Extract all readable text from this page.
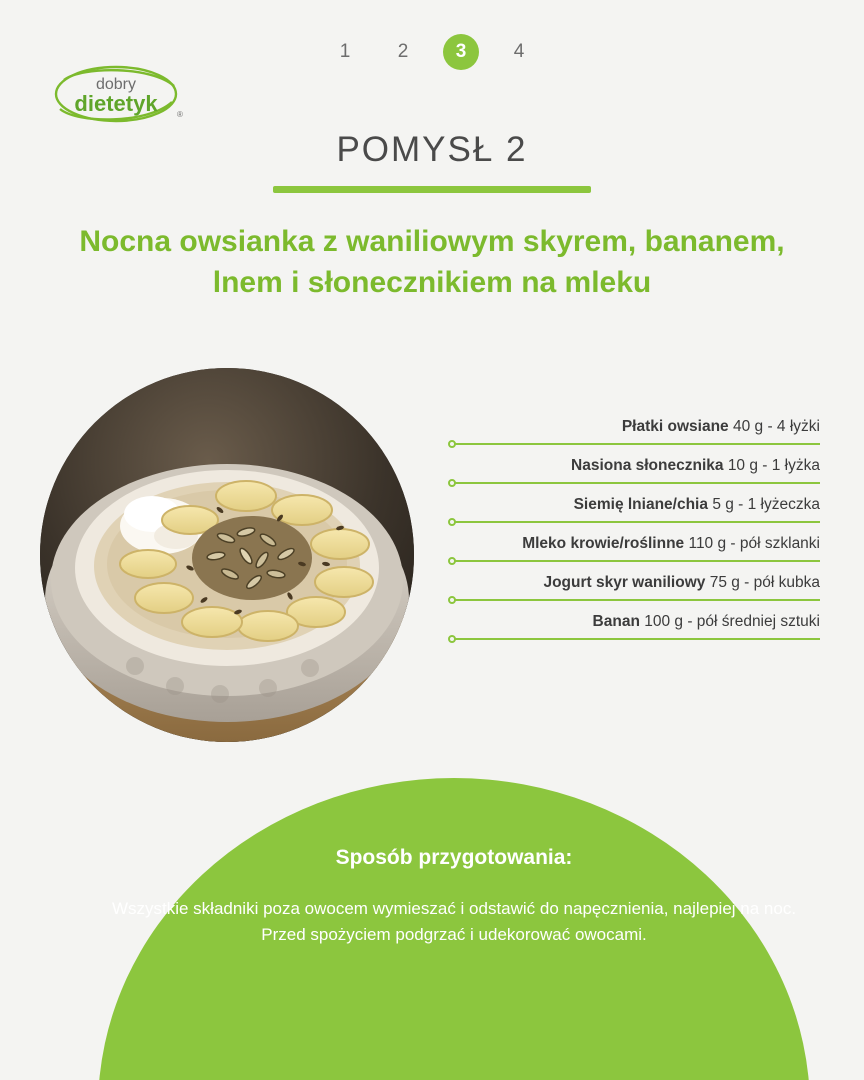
1	2	3	4
dobry
dietetyk ®
POMYSŁ 2
Nocna owsianka z waniliowym skyrem, bananem, lnem i słonecznikiem na mleku
Płatki owsiane 40 g - 4 łyżki
Nasiona słonecznika 10 g - 1 łyżka
Siemię lniane/chia 5 g - 1 łyżeczka
Mleko krowie/roślinne 110 g - pół szklanki
Jogurt skyr waniliowy 75 g - pół kubka
Banan 100 g - pół średniej sztuki
Sposób przygotowania:
Wszystkie składniki poza owocem wymieszać i odstawić do napęcznienia, najlepiej na noc. Przed spożyciem podgrzać i udekorować owocami.
